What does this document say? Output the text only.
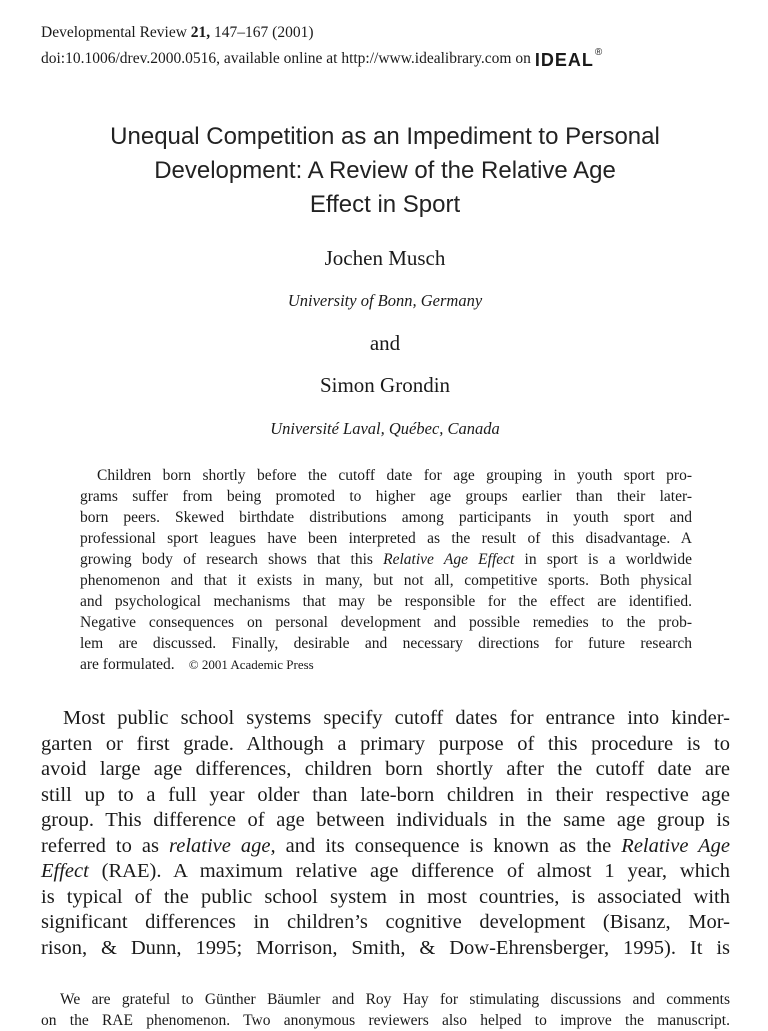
Developmental Review 21, 147–167 (2001)
doi:10.1006/drev.2000.0516, available online at http://www.idealibrary.com on IDEAL®
Unequal Competition as an Impediment to Personal
Development: A Review of the Relative Age
Effect in Sport
Jochen Musch
University of Bonn, Germany
and
Simon Grondin
Université Laval, Québec, Canada
Children born shortly before the cutoff date for age grouping in youth sport pro-
grams suffer from being promoted to higher age groups earlier than their later-
born peers. Skewed birthdate distributions among participants in youth sport and
professional sport leagues have been interpreted as the result of this disadvantage. A
growing body of research shows that this Relative Age Effect in sport is a worldwide
phenomenon and that it exists in many, but not all, competitive sports. Both physical
and psychological mechanisms that may be responsible for the effect are identified.
Negative consequences on personal development and possible remedies to the prob-
lem are discussed. Finally, desirable and necessary directions for future research
are formulated. © 2001 Academic Press
Most public school systems specify cutoff dates for entrance into kinder-
garten or first grade. Although a primary purpose of this procedure is to
avoid large age differences, children born shortly after the cutoff date are
still up to a full year older than late-born children in their respective age
group. This difference of age between individuals in the same age group is
referred to as relative age, and its consequence is known as the Relative Age
Effect (RAE). A maximum relative age difference of almost 1 year, which
is typical of the public school system in most countries, is associated with
significant differences in children’s cognitive development (Bisanz, Mor-
rison, & Dunn, 1995; Morrison, Smith, & Dow-Ehrensberger, 1995). It is
We are grateful to Günther Bäumler and Roy Hay for stimulating discussions and comments
on the RAE phenomenon. Two anonymous reviewers also helped to improve the manuscript.
